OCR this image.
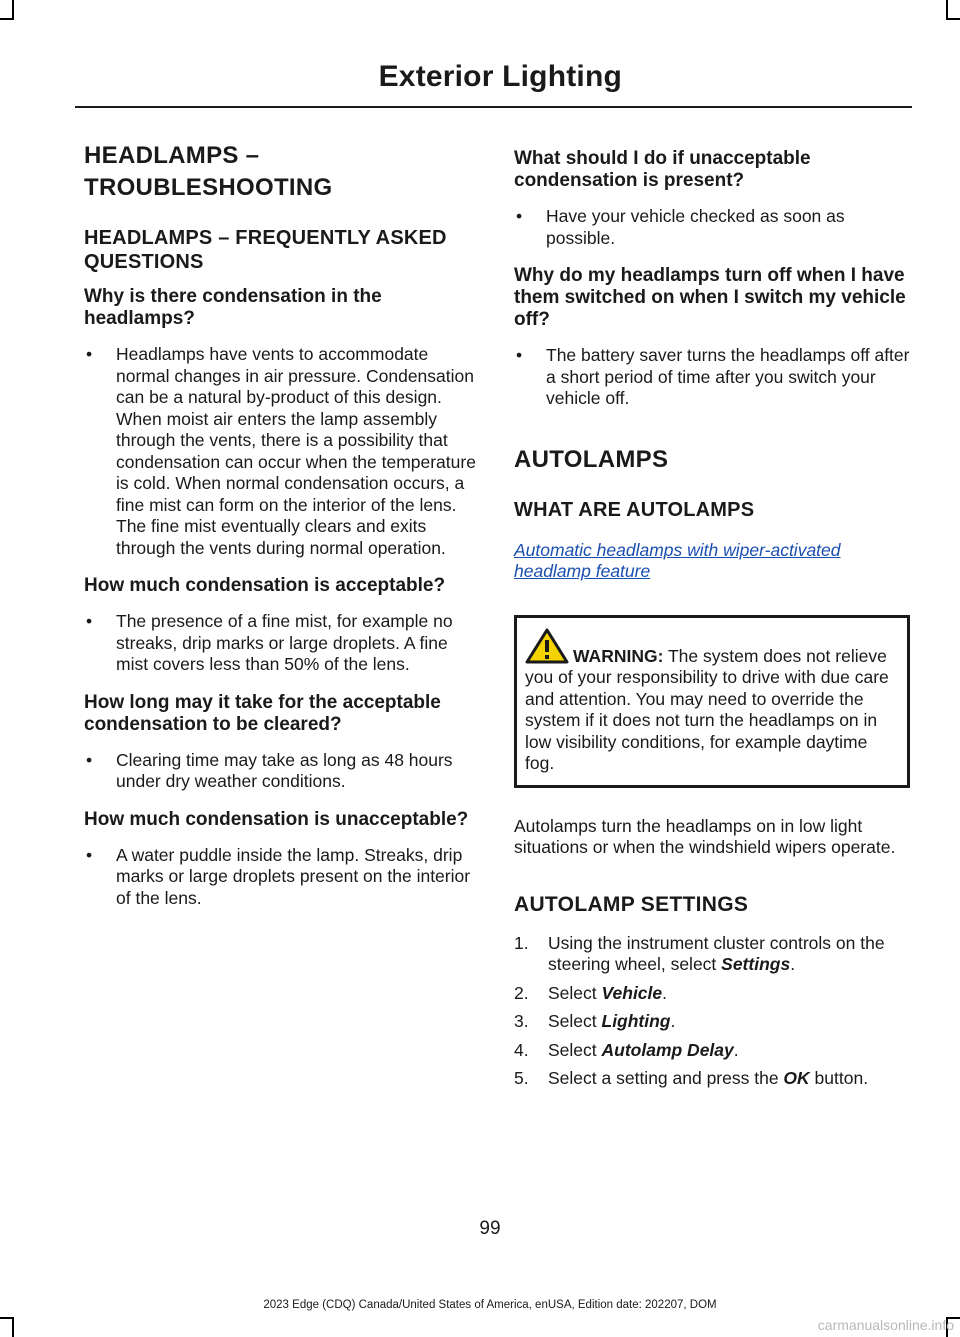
Exterior Lighting
HEADLAMPS –
TROUBLESHOOTING
HEADLAMPS – FREQUENTLY ASKED QUESTIONS
Why is there condensation in the headlamps?
• Headlamps have vents to accommodate normal changes in air pressure. Condensation can be a natural by-product of this design. When moist air enters the lamp assembly through the vents, there is a possibility that condensation can occur when the temperature is cold. When normal condensation occurs, a fine mist can form on the interior of the lens. The fine mist eventually clears and exits through the vents during normal operation.
How much condensation is acceptable?
• The presence of a fine mist, for example no streaks, drip marks or large droplets. A fine mist covers less than 50% of the lens.
How long may it take for the acceptable condensation to be cleared?
• Clearing time may take as long as 48 hours under dry weather conditions.
How much condensation is unacceptable?
• A water puddle inside the lamp. Streaks, drip marks or large droplets present on the interior of the lens.
What should I do if unacceptable condensation is present?
• Have your vehicle checked as soon as possible.
Why do my headlamps turn off when I have them switched on when I switch my vehicle off?
• The battery saver turns the headlamps off after a short period of time after you switch your vehicle off.
AUTOLAMPS
WHAT ARE AUTOLAMPS
Automatic headlamps with wiper-activated headlamp feature
WARNING: The system does not relieve you of your responsibility to drive with due care and attention. You may need to override the system if it does not turn the headlamps on in low visibility conditions, for example daytime fog.

Autolamps turn the headlamps on in low light situations or when the windshield wipers operate.

AUTOLAMP SETTINGS
1. Using the instrument cluster controls on the steering wheel, select Settings.
2. Select Vehicle.
3. Select Lighting.
4. Select Autolamp Delay.
5. Select a setting and press the OK button.
99
2023 Edge (CDQ) Canada/United States of America, enUSA, Edition date: 202207, DOM
carmanualsonline.info
